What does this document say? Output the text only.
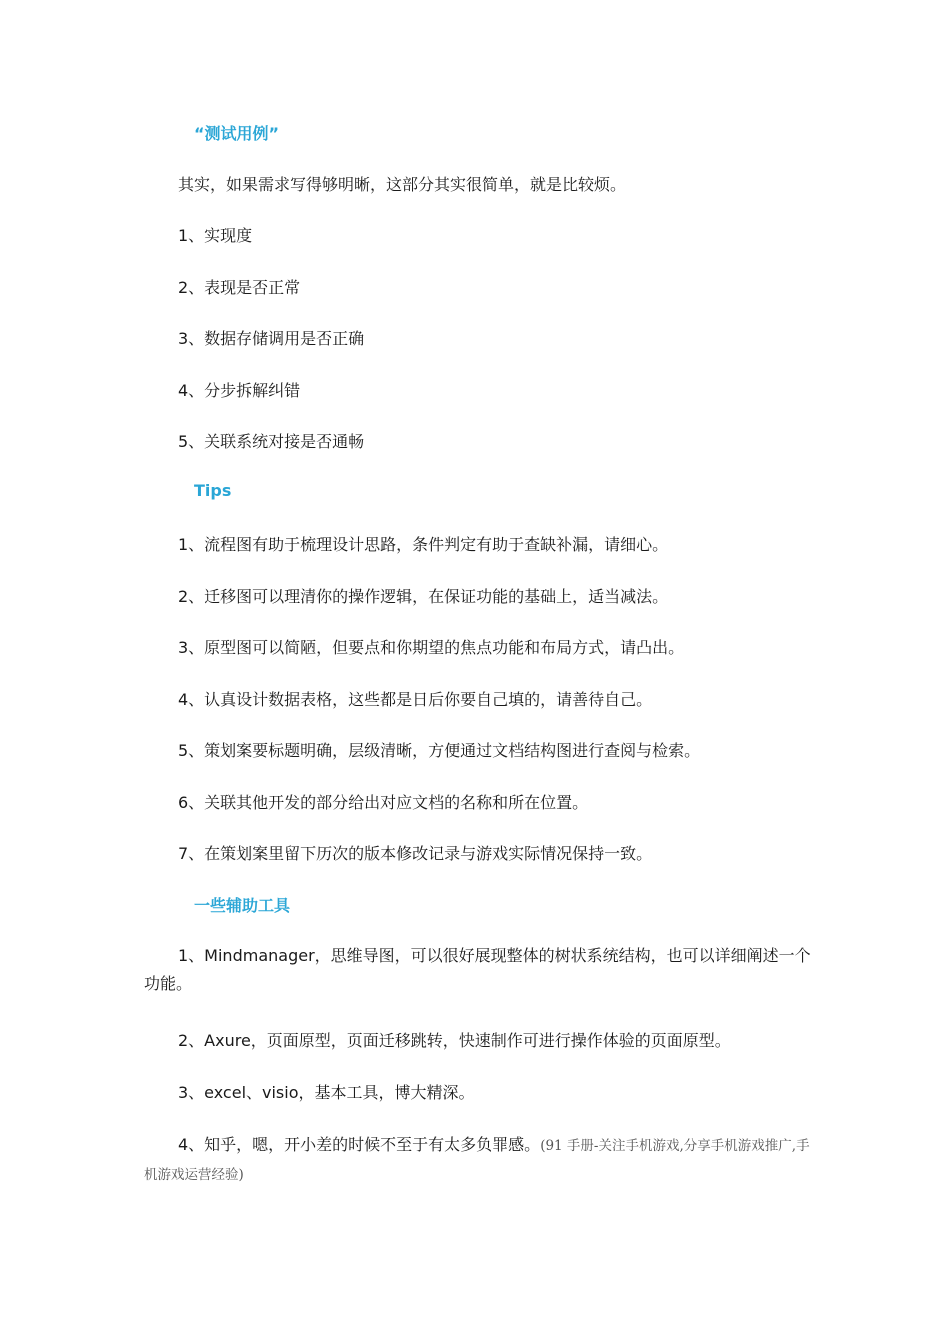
“测试用例”
其实，如果需求写得够明晰，这部分其实很简单，就是比较烦。
1、实现度
2、表现是否正常
3、数据存储调用是否正确
4、分步拆解纠错
5、关联系统对接是否通畅
Tips
1、流程图有助于梳理设计思路，条件判定有助于查缺补漏，请细心。
2、迁移图可以理清你的操作逻辑，在保证功能的基础上，适当减法。
3、原型图可以简陋，但要点和你期望的焦点功能和布局方式，请凸出。
4、认真设计数据表格，这些都是日后你要自己填的，请善待自己。
5、策划案要标题明确，层级清晰，方便通过文档结构图进行查阅与检索。
6、关联其他开发的部分给出对应文档的名称和所在位置。
7、在策划案里留下历次的版本修改记录与游戏实际情况保持一致。
一些辅助工具
1、Mindmanager，思维导图，可以很好展现整体的树状系统结构，也可以详细阐述一个功能。
2、Axure，页面原型，页面迁移跳转，快速制作可进行操作体验的页面原型。
3、excel、visio，基本工具，博大精深。
4、知乎，嗯，开小差的时候不至于有太多负罪感。(91 手册-关注手机游戏,分享手机游戏推广,手机游戏运营经验)
